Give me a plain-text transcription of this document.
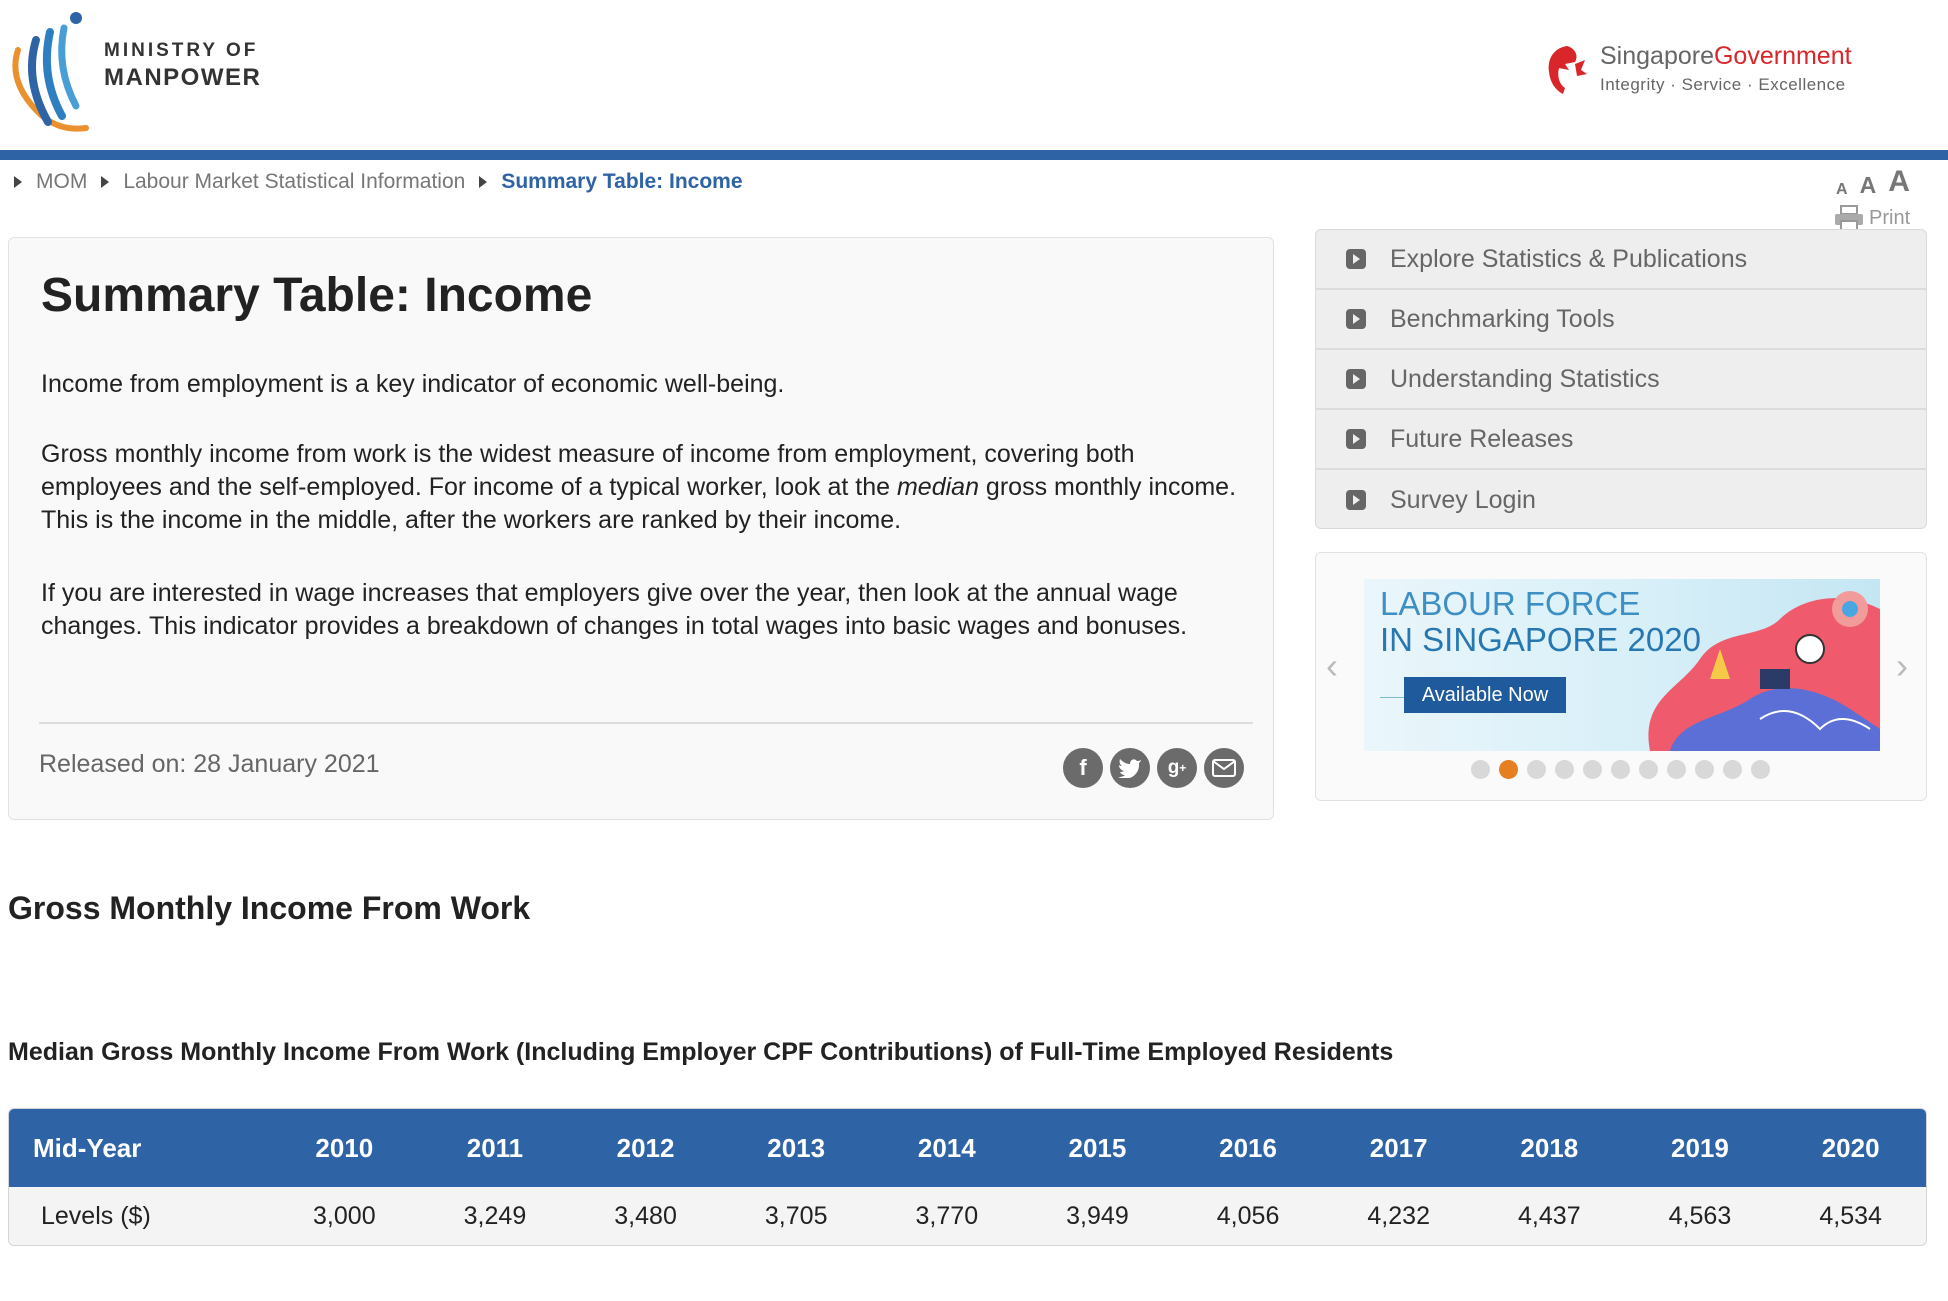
MINISTRY OF
MANPOWER
SingaporeGovernment
Integrity · Service · Excellence
MOM Labour Market Statistical Information Summary Table: Income	A A A
Print
Summary Table: Income

Income from employment is a key indicator of economic well-being.

Gross monthly income from work is the widest measure of income from employment, covering both employees and the self-employed. For income of a typical worker, look at the median gross monthly income. This is the income in the middle, after the workers are ranked by their income.

If you are interested in wage increases that employers give over the year, then look at the annual wage changes. This indicator provides a breakdown of changes in total wages into basic wages and bonuses.

Released on: 28 January 2021	f	g +
Explore Statistics & Publications
Benchmarking Tools
Understanding Statistics
Future Releases
Survey Login
‹
LABOUR FORCE
IN SINGAPORE 2020
Available Now
›
Gross Monthly Income From Work
Median Gross Monthly Income From Work (Including Employer CPF Contributions) of Full-Time Employed Residents
Mid-Year	2010	2011	2012	2013	2014	2015	2016	2017	2018	2019	2020
Levels ($)	3,000	3,249	3,480	3,705	3,770	3,949	4,056	4,232	4,437	4,563	4,534
